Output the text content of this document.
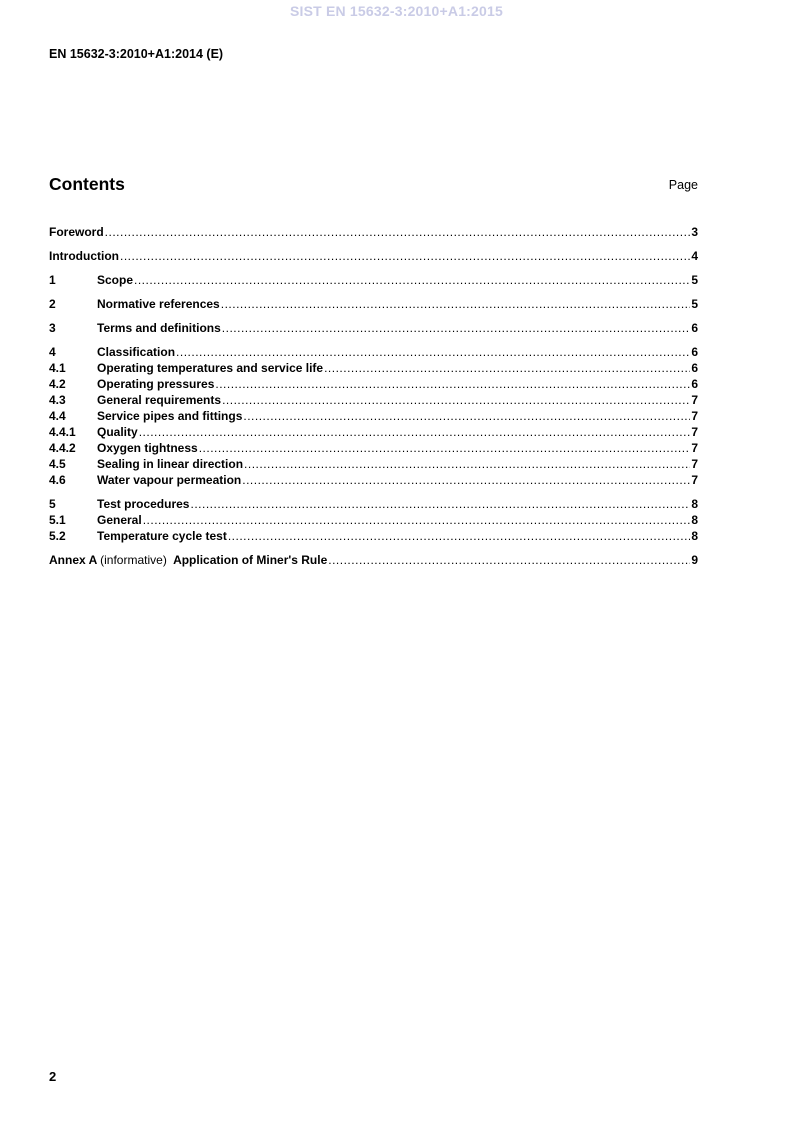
SIST EN 15632-3:2010+A1:2015
EN 15632-3:2010+A1:2014 (E)
Contents	Page
Foreword .....	3
Introduction .....	4
1	Scope .....	5
2	Normative references .....	5
3	Terms and definitions .....	6
4	Classification .....	6
4.1	Operating temperatures and service life .....	6
4.2	Operating pressures .....	6
4.3	General requirements .....	7
4.4	Service pipes and fittings .....	7
4.4.1	Quality .....	7
4.4.2	Oxygen tightness .....	7
4.5	Sealing in linear direction .....	7
4.6	Water vapour permeation .....	7
5	Test procedures .....	8
5.1	General .....	8
5.2	Temperature cycle test .....	8
Annex A (informative) Application of Miner's Rule .....	9
2
